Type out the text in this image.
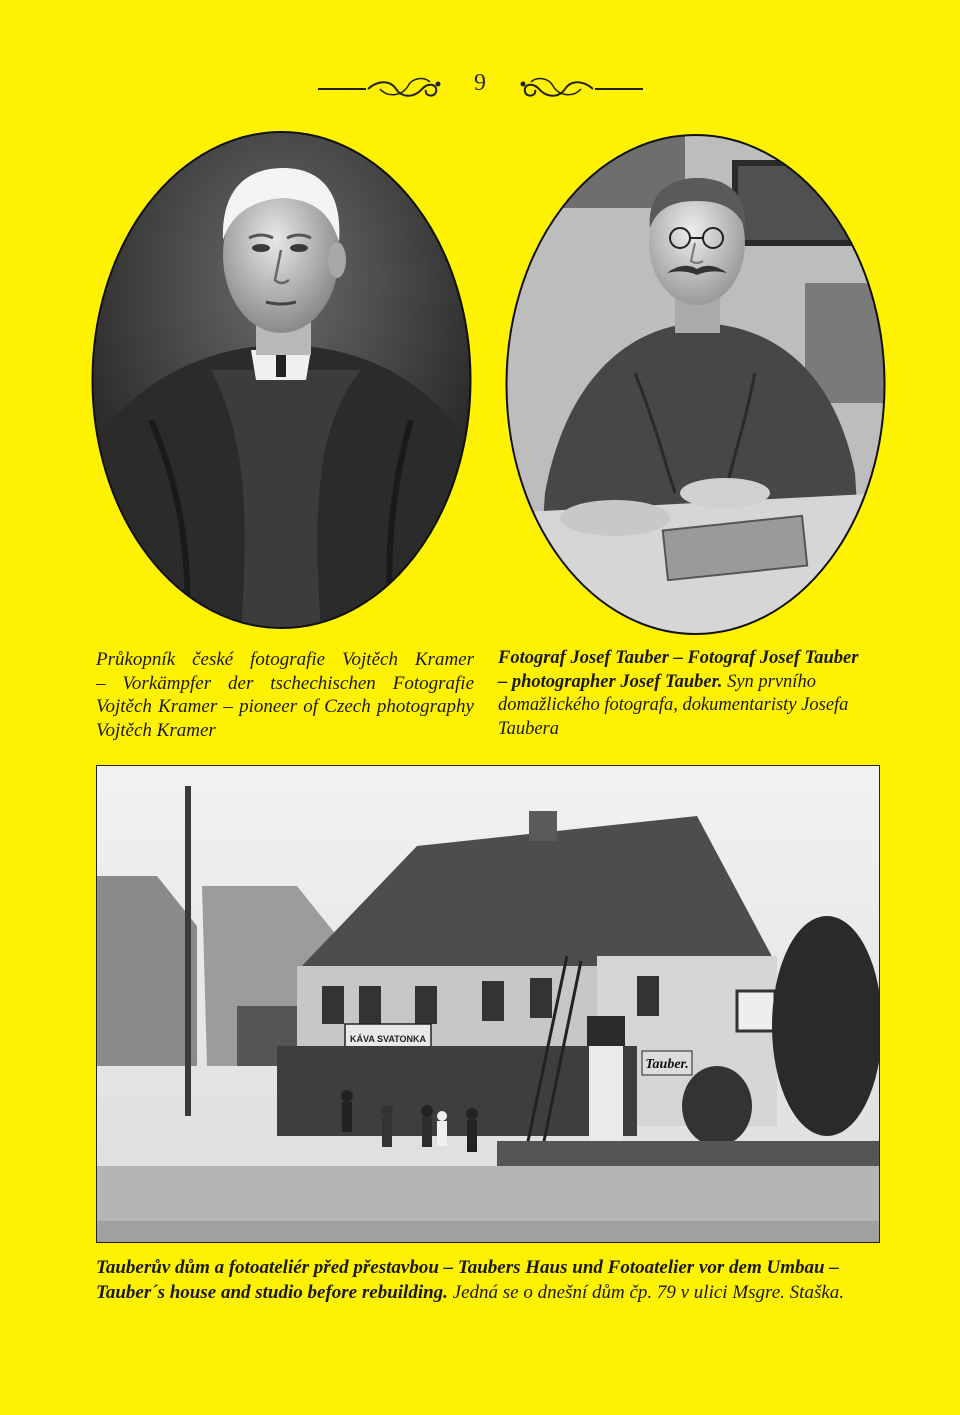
9
Průkopník české fotografie Vojtěch Kramer
– Vorkämpfer der tschechischen Fotografie
Vojtěch Kramer – pioneer of Czech photography
Vojtěch Kramer
Fotograf Josef Tauber – Fotograf Josef Tauber
– photographer Josef Tauber. Syn prvního domažlického fotografa, dokumentaristy Josefa Taubera
KÁVA SVATONKA
Tauber.
Tauberův dům a fotoateliér před přestavbou – Taubers Haus und Fotoatelier vor dem Umbau –
Tauber´s house and studio before rebuilding. Jedná se o dnešní dům čp. 79 v ulici Msgre. Staška.
